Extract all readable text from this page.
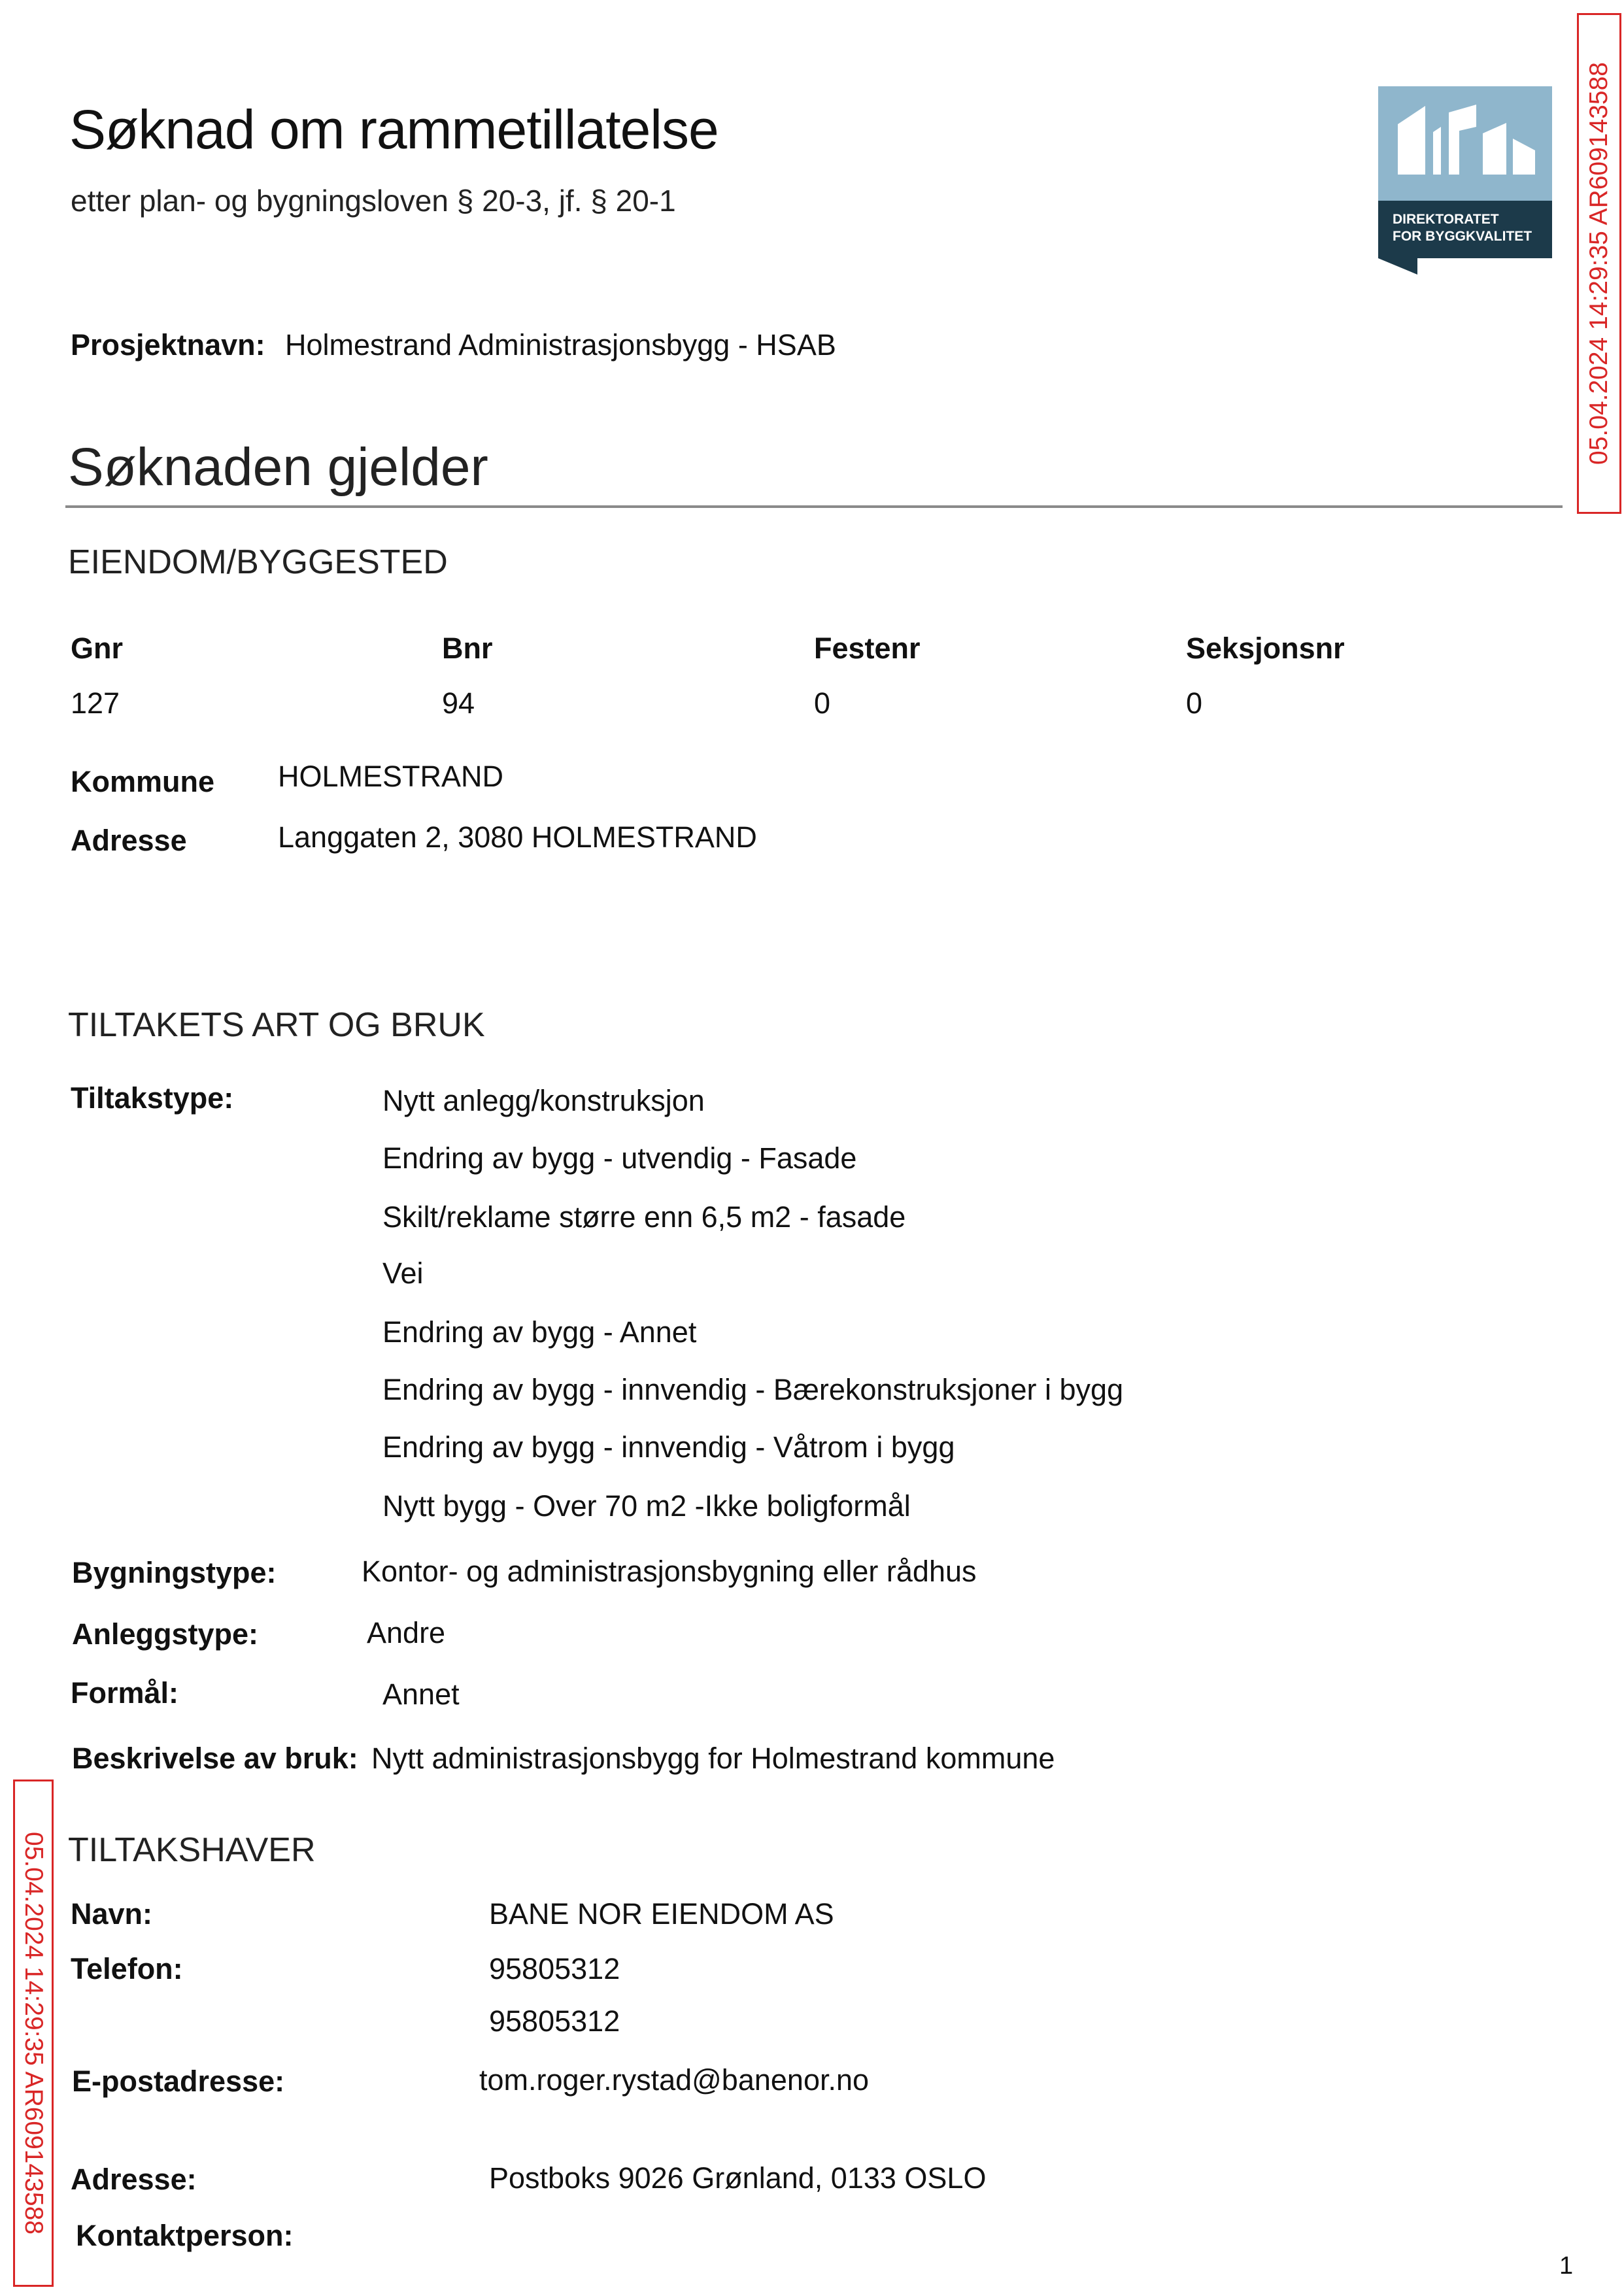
Søknad om rammetillatelse
etter plan- og bygningsloven § 20-3, jf. § 20-1
DIREKTORATET
FOR BYGGKVALITET 05.04.2024 14:29:35 AR609143588
Prosjektnavn: Holmestrand Administrasjonsbygg - HSAB
Søknaden gjelder
EIENDOM/BYGGESTED
Gnr	Bnr	Festenr	Seksjonsnr
127	94	0	0
Kommune HOLMESTRAND
Adresse	Langgaten 2, 3080 HOLMESTRAND
TILTAKETS ART OG BRUK
Tiltakstype:	Nytt anlegg/konstruksjon
Endring av bygg - utvendig - Fasade
Skilt/reklame større enn 6,5 m2 - fasade
Vei
Endring av bygg - Annet
Endring av bygg - innvendig - Bærekonstruksjoner i bygg
Endring av bygg - innvendig - Våtrom i bygg
Nytt bygg - Over 70 m2 -Ikke boligformål
Bygningstype:	Kontor- og administrasjonsbygning eller rådhus
Anleggstype:	Andre
Formål:	Annet
Beskrivelse av bruk: Nytt administrasjonsbygg for Holmestrand kommune
05.04.2024 14:29:35 AR609143588 TILTAKSHAVER
Navn:	BANE NOR EIENDOM AS
Telefon:	95805312
95805312
E-postadresse:	tom.roger.rystad@banenor.no
Adresse:	Postboks 9026 Grønland, 0133 OSLO
Kontaktperson:
1
